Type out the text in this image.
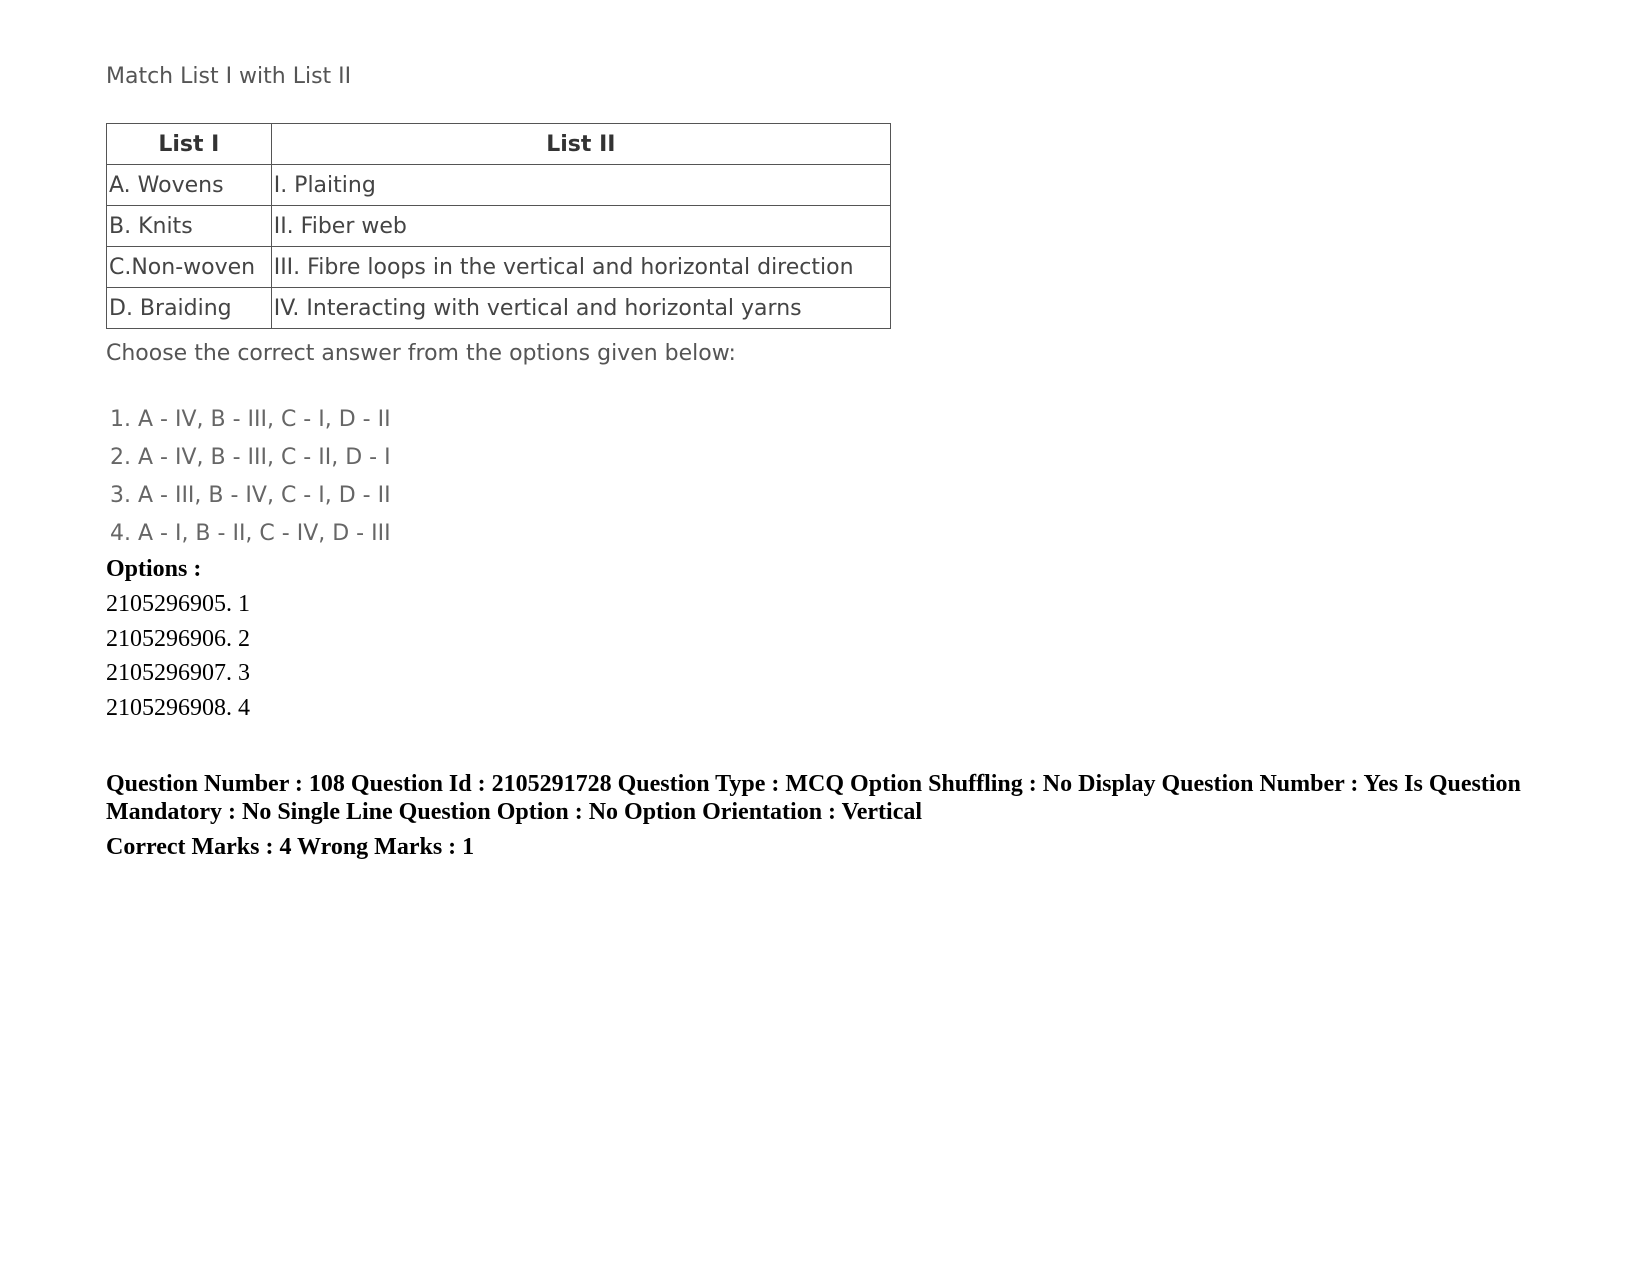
Match List I with List II

List I	List II
A. Wovens	I. Plaiting
B. Knits	II. Fiber web
C.Non-woven	III. Fibre loops in the vertical and horizontal direction
D. Braiding	IV. Interacting with vertical and horizontal yarns

Choose the correct answer from the options given below:

1. A - IV, B - III, C - I, D - II
2. A - IV, B - III, C - II, D - I
3. A - III, B - IV, C - I, D - II
4. A - I, B - II, C - IV, D - III

Options :

2105296905. 1
2105296906. 2
2105296907. 3
2105296908. 4

Question Number : 108 Question Id : 2105291728 Question Type : MCQ Option Shuffling : No Display Question Number : Yes Is Question Mandatory : No Single Line Question Option : No Option Orientation : Vertical

Correct Marks : 4 Wrong Marks : 1
